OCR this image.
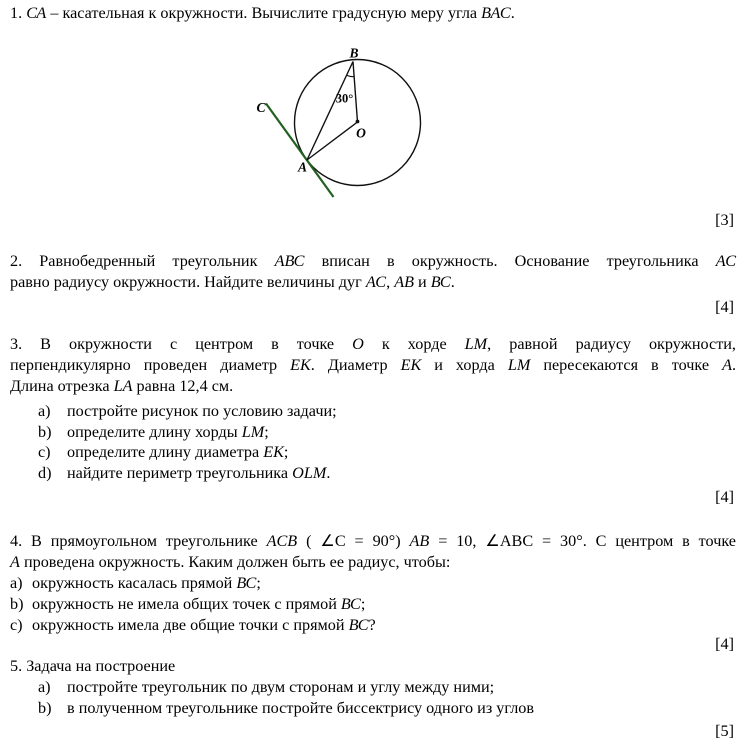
1. СА – касательная к окружности. Вычислите градусную меру угла ВАС.
B
C
O
A
30°
[3]
2. Равнобедренный треугольник АВС вписан в окружность. Основание треугольника АС
равно радиусу окружности. Найдите величины дуг АС, АВ и ВС.
[4]
3. В окружности с центром в точке О к хорде LM, равной радиусу окружности,
перпендикулярно проведен диаметр ЕК. Диаметр ЕК и хорда LM пересекаются в точке А.
Длина отрезка LA равна 12,4 см.
a) постройте рисунок по условию задачи;
b) определите длину хорды LM;
c) определите длину диаметра ЕК;
d) найдите периметр треугольника OLM.
[4]
4. В прямоугольном треугольнике ACB ( ∠С = 90°) AB = 10, ∠АВС = 30°. С центром в точке
А проведена окружность. Каким должен быть ее радиус, чтобы:
a) окружность касалась прямой ВС;
b) окружность не имела общих точек с прямой ВС;
c) окружность имела две общие точки с прямой ВС?
[4]
5. Задача на построение
a) постройте треугольник по двум сторонам и углу между ними;
b) в полученном треугольнике постройте биссектрису одного из углов
[5]
